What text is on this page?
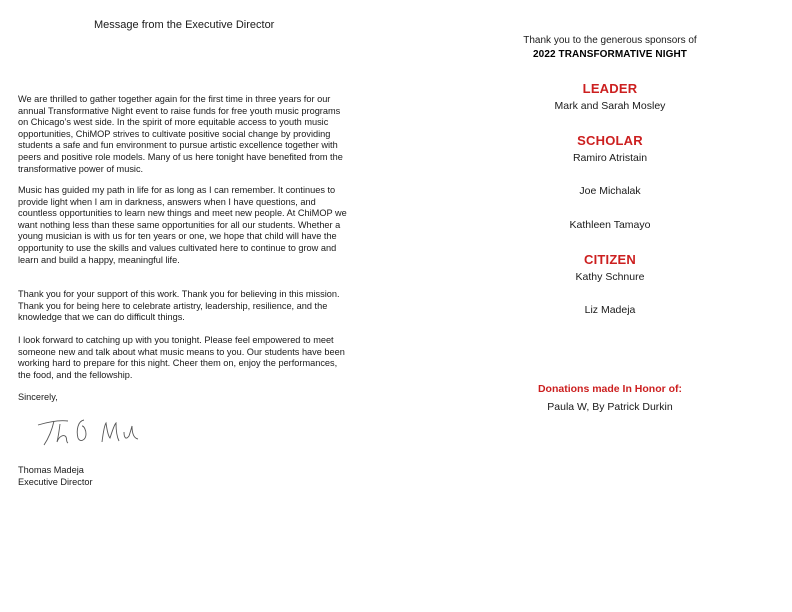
Message from the Executive Director

We are thrilled to gather together again for the first time in three years for our annual Transformative Night event to raise funds for free youth music programs on Chicago’s west side. In the spirit of more equitable access to youth music opportunities, ChiMOP strives to cultivate positive social change by providing students a safe and fun environment to pursue artistic excellence together with peers and positive role models. Many of us here tonight have benefited from the transformative power of music.

Music has guided my path in life for as long as I can remember. It continues to provide light when I am in darkness, answers when I have questions, and countless opportunities to learn new things and meet new people. At ChiMOP we want nothing less than these same opportunities for all our students. Whether a young musician is with us for ten years or one, we hope that child will have the opportunity to use the skills and values cultivated here to continue to grow and learn and build a happy, meaningful life.

Thank you for your support of this work. Thank you for believing in this mission. Thank you for being here to celebrate artistry, leadership, resilience, and the knowledge that we can do difficult things.

I look forward to catching up with you tonight. Please feel empowered to meet someone new and talk about what music means to you. Our students have been working hard to prepare for this night. Cheer them on, enjoy the performances, the food, and the fellowship.

Sincerely,
Thomas Madeja
Executive Director
Thank you to the generous sponsors of
2022 TRANSFORMATIVE NIGHT
LEADER
Mark and Sarah Mosley
SCHOLAR
Ramiro Atristain
Joe Michalak
Kathleen Tamayo
CITIZEN
Kathy Schnure
Liz Madeja
Donations made In Honor of:
Paula W, By Patrick Durkin
